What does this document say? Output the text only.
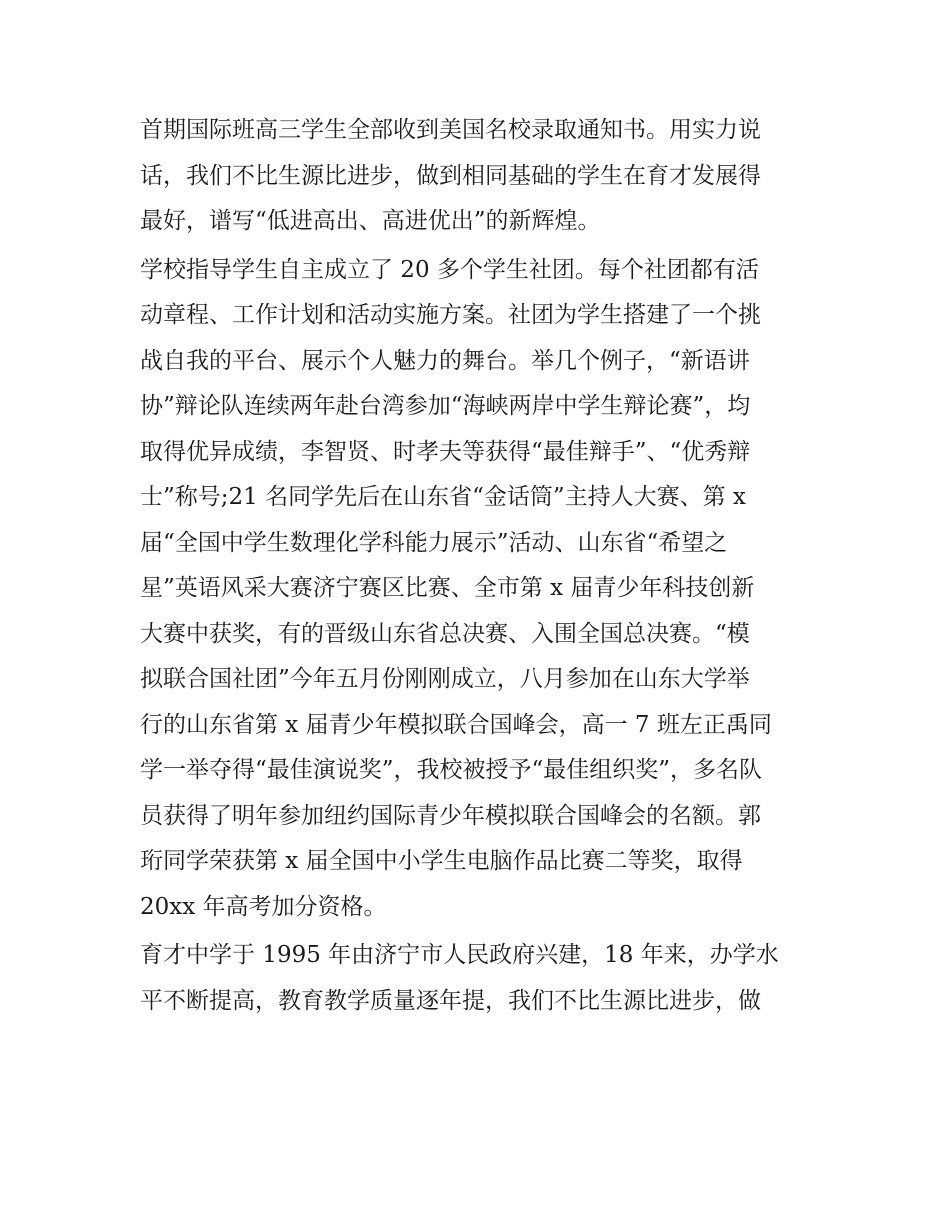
首期国际班高三学生全部收到美国名校录取通知书。用实力说
话，我们不比生源比进步，做到相同基础的学生在育才发展得
最好，谱写“低进高出、高进优出”的新辉煌。
学校指导学生自主成立了 20 多个学生社团。每个社团都有活
动章程、工作计划和活动实施方案。社团为学生搭建了一个挑
战自我的平台、展示个人魅力的舞台。举几个例子，“新语讲
协”辩论队连续两年赴台湾参加“海峡两岸中学生辩论赛”，均
取得优异成绩，李智贤、时孝夫等获得“最佳辩手”、“优秀辩
士”称号;21 名同学先后在山东省“金话筒”主持人大赛、第 x
届“全国中学生数理化学科能力展示”活动、山东省“希望之
星”英语风采大赛济宁赛区比赛、全市第 x 届青少年科技创新
大赛中获奖，有的晋级山东省总决赛、入围全国总决赛。“模
拟联合国社团”今年五月份刚刚成立，八月参加在山东大学举
行的山东省第 x 届青少年模拟联合国峰会，高一 7 班左正禹同
学一举夺得“最佳演说奖”，我校被授予“最佳组织奖”，多名队
员获得了明年参加纽约国际青少年模拟联合国峰会的名额。郭
珩同学荣获第 x 届全国中小学生电脑作品比赛二等奖，取得
20xx 年高考加分资格。
育才中学于 1995 年由济宁市人民政府兴建，18 年来，办学水
平不断提高，教育教学质量逐年提，我们不比生源比进步，做
